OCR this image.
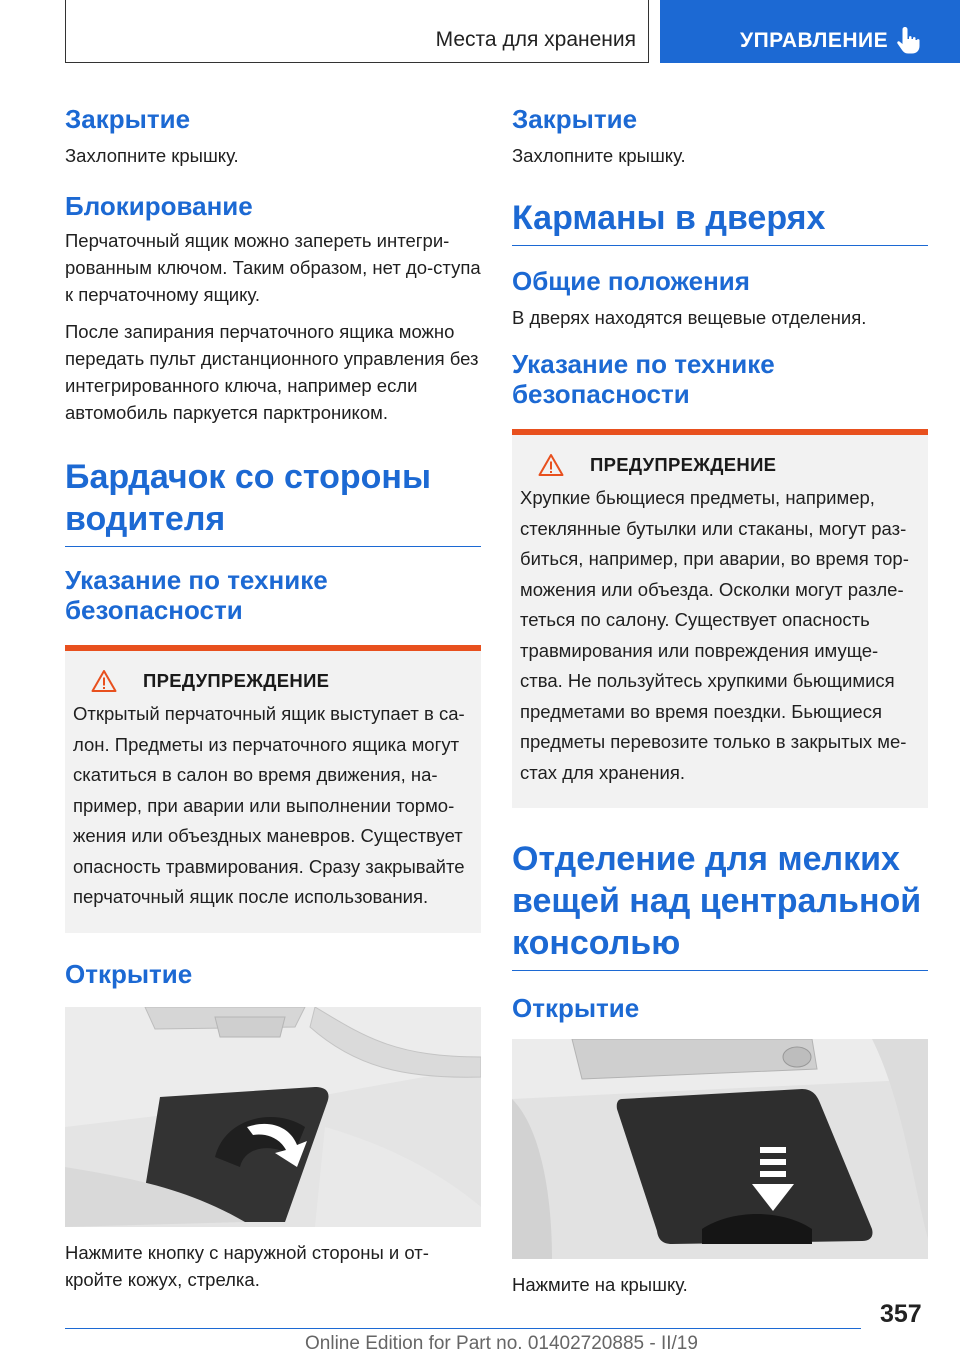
Места для хранения	УПРАВЛЕНИЕ
Закрытие

Захлопните крышку.

Блокирование

Перчаточный ящик можно запереть интегри-рованным ключом. Таким образом, нет до-ступа к перчаточному ящику.

После запирания перчаточного ящика можно передать пульт дистанционного управления без интегрированного ключа, например если автомобиль паркуется парктроником.

Бардачок со стороны водителя
Указание по технике безопасности
ПРЕДУПРЕЖДЕНИЕ

Открытый перчаточный ящик выступает в са-лон. Предметы из перчаточного ящика могут скатиться в салон во время движения, на-пример, при аварии или выполнении тормо-жения или объездных маневров. Существует опасность травмирования. Сразу закрывайте перчаточный ящик после использования.

Открытие

Нажмите кнопку с наружной стороны и от-кройте кожух, стрелка.

Закрытие

Захлопните крышку.

Карманы в дверях
Общие положения

В дверях находятся вещевые отделения.

Указание по технике безопасности
ПРЕДУПРЕЖДЕНИЕ

Хрупкие бьющиеся предметы, например, стеклянные бутылки или стаканы, могут раз-биться, например, при аварии, во время тор-можения или объезда. Осколки могут разле-теться по салону. Существует опасность травмирования или повреждения имуще-ства. Не пользуйтесь хрупкими бьющимися предметами во время поездки. Бьющиеся предметы перевозите только в закрытых ме-стах для хранения.

Отделение для мелких вещей над центральной консолью
Открытие

Нажмите на крышку.

357
Online Edition for Part no. 01402720885 - II/19
